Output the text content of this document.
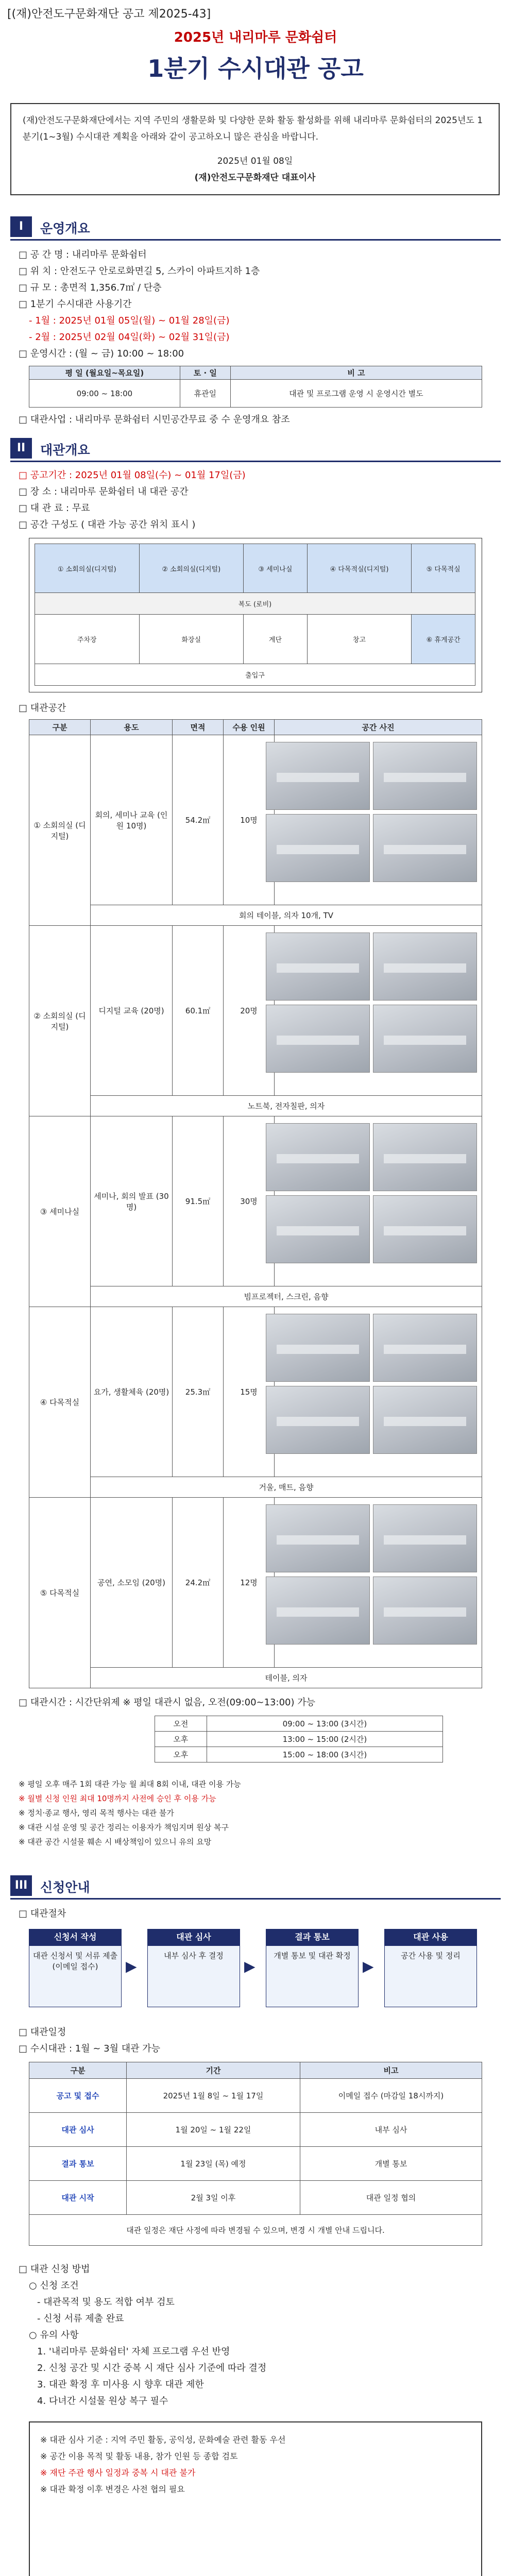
[(재)안전도구문화재단 공고 제2025-43]
2025년 내리마루 문화쉼터
1분기 수시대관 공고
(재)안전도구문화재단에서는 지역 주민의 생활문화 및 다양한 문화 활동 활성화를 위해 내리마루 문화쉼터의 2025년도 1분기(1~3월) 수시대관 계획을 아래와 같이 공고하오니 많은 관심을 바랍니다.
2025년 01월 08일
(재)안전도구문화재단 대표이사
I	운영개요
□ 공 간 명 : 내리마루 문화쉼터
□ 위 치 : 안전도구 안로로화면길 5, 스카이 아파트지하 1층
□ 규 모 : 총면적 1,356.7㎡ / 단층
□ 1분기 수시대관 사용기간
- 1월 : 2025년 01월 05일(월) ~ 01월 28일(금)
- 2월 : 2025년 02월 04일(화) ~ 02월 31일(금)
□ 운영시간 : (월 ~ 금) 10:00 ~ 18:00
평 일 (월요일~목요일)	토 · 일	비 고
09:00 ~ 18:00	휴관일	대관 및 프로그램 운영 시 운영시간 별도
□ 대관사업 : 내리마루 문화쉼터 시민공간무료 중 수 운영개요 참조
II	대관개요
□ 공고기간 : 2025년 01월 08일(수) ~ 01월 17일(금)
□ 장 소 : 내리마루 문화쉼터 내 대관 공간
□ 대 관 료 : 무료
□ 공간 구성도 ( 대관 가능 공간 위치 표시 )
① 소회의실(디지털)	② 소회의실(디지털)	③ 세미나실	④ 다목적실(디지털)	⑤ 다목적실
복도 (로비)				
주차장	화장실	계단	창고	⑥ 휴게공간
출입구				
□ 대관공간
구분	용도	면적	수용 인원	공간 사진
① 소회의실 (디지털)	회의, 세미나 교육 (인원 10명)	54.2㎡	10명	
	회의 테이블, 의자 10개, TV			
② 소회의실 (디지털)	디지털 교육 (20명)	60.1㎡	20명	
	노트북, 전자칠판, 의자			
③ 세미나실	세미나, 회의 발표 (30명)	91.5㎡	30명	
	빔프로젝터, 스크린, 음향			
④ 다목적실	요가, 생활체육 (20명)	25.3㎡	15명	
	거울, 매트, 음향			
⑤ 다목적실	공연, 소모임 (20명)	24.2㎡	12명	
	테이블, 의자			
□ 대관시간 : 시간단위제 ※ 평일 대관시 없음, 오전(09:00~13:00) 가능
오전	09:00 ~ 13:00 (3시간)
오후	13:00 ~ 15:00 (2시간)
오후	15:00 ~ 18:00 (3시간)
※ 평일 오후 매주 1회 대관 가능 월 최대 8회 이내, 대관 이용 가능
※ 월별 신청 인원 최대 10명까지 사전에 승인 후 이용 가능
※ 정치·종교 행사, 영리 목적 행사는 대관 불가
※ 대관 시설 운영 및 공간 정리는 이용자가 책임지며 원상 복구
※ 대관 공간 시설물 훼손 시 배상책임이 있으니 유의 요망
III 신청안내
□ 대관절차
신청서 작성
대관 신청서 및 서류 제출 (이메일 접수)	▶
대관 심사
내부 심사 후 결정
▶
결과 통보
개별 통보 및 대관 확정
▶
대관 사용
공간 사용 및 정리
□ 대관일정
□ 수시대관 : 1월 ~ 3월 대관 가능
구분	기간	비고
공고 및 접수	2025년 1월 8일 ~ 1월 17일	이메일 접수 (마감일 18시까지)
대관 심사	1월 20일 ~ 1월 22일	내부 심사
결과 통보	1월 23일 (목) 예정	개별 통보
대관 시작	2월 3일 이후	대관 일정 협의
대관 일정은 재단 사정에 따라 변경될 수 있으며, 변경 시 개별 안내 드립니다.		
□ 대관 신청 방법
○ 신청 조건
- 대관목적 및 용도 적합 여부 검토
- 신청 서류 제출 완료
○ 유의 사항
1. '내리마루 문화쉼터' 자체 프로그램 우선 반영
2. 신청 공간 및 시간 중복 시 재단 심사 기준에 따라 결정
3. 대관 확정 후 미사용 시 향후 대관 제한
4. 다녀간 시설물 원상 복구 필수
※ 대관 심사 기준 : 지역 주민 활동, 공익성, 문화예술 관련 활동 우선
※ 공간 이용 목적 및 활동 내용, 참가 인원 등 종합 검토
※ 재단 주관 행사 일정과 중복 시 대관 불가
※ 대관 확정 이후 변경은 사전 협의 필요
